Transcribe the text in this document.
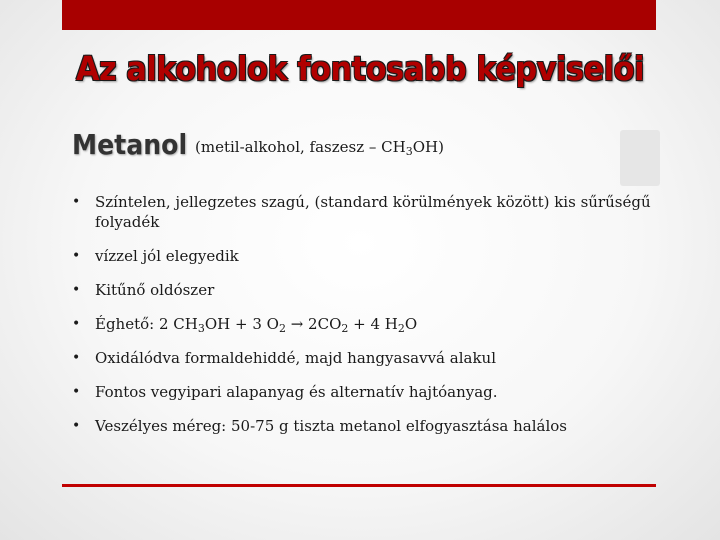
Az alkoholok fontosabb képviselői
Metanol (metil-alkohol, faszesz – $CH_3OH$)
• Színtelen, jellegzetes szagú, (standard körülmények között) kis sűrűségű folyadék
• vízzel jól elegyedik
• Kitűnő oldószer
• Éghető: 2 $CH_3OH + 3$ $O_2 \to 2CO_2 + 4$ $H_2O$
• Oxidálódva formaldehiddé, majd hangyasavvá alakul
• Fontos vegyipari alapanyag és alternatív hajtóanyag.
• Veszélyes méreg: 50-75 g tiszta metanol elfogyasztása halálos
